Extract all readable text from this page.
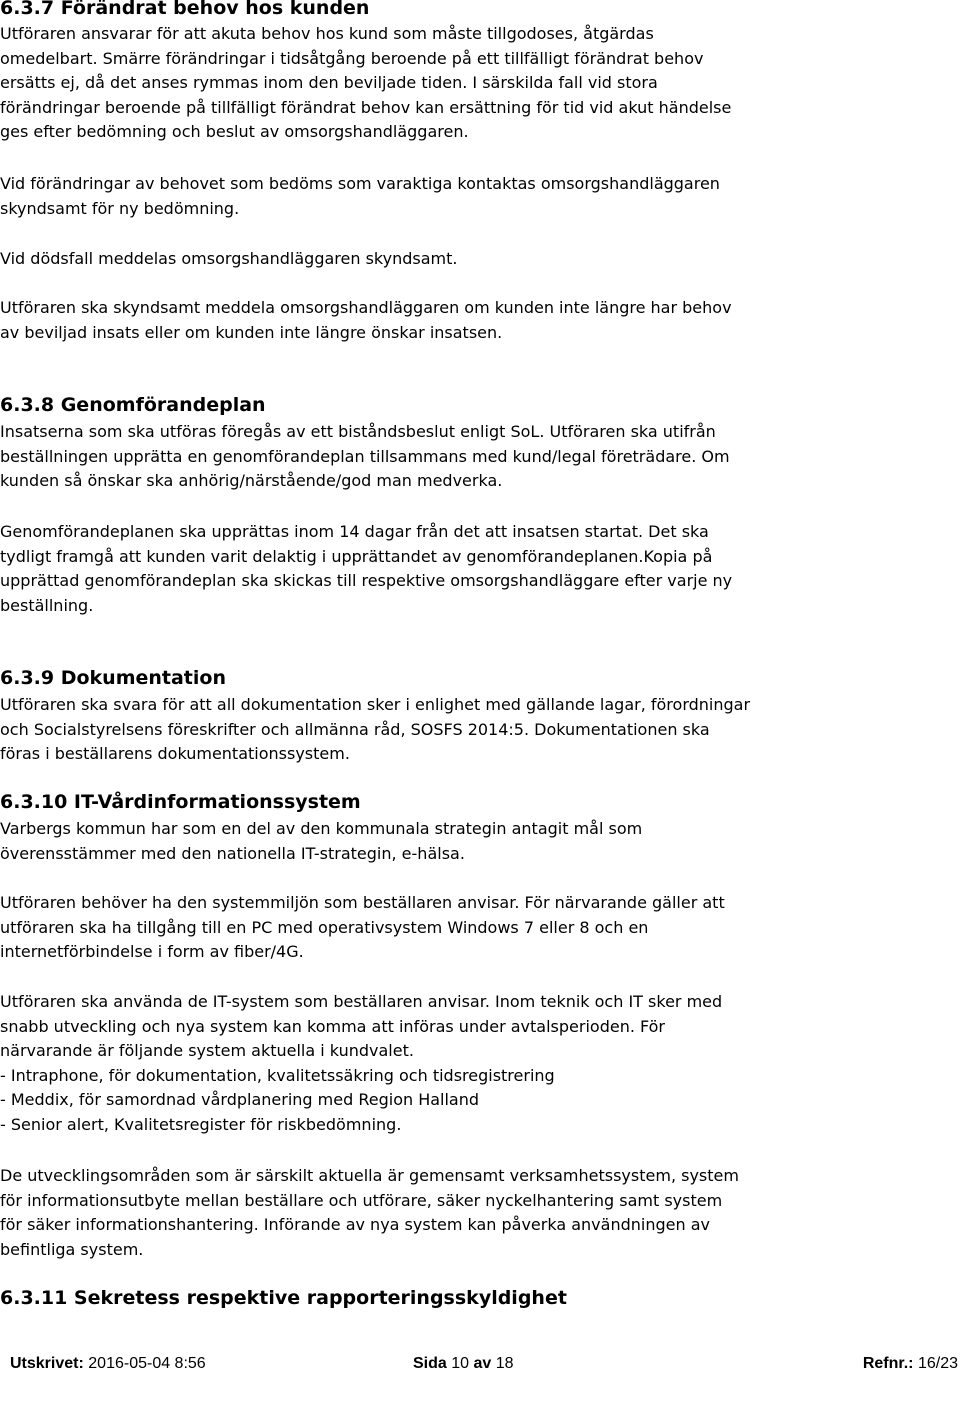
6.3.7 Förändrat behov hos kunden
Utföraren ansvarar för att akuta behov hos kund som måste tillgodoses, åtgärdas
omedelbart. Smärre förändringar i tidsåtgång beroende på ett tillfälligt förändrat behov
ersätts ej, då det anses rymmas inom den beviljade tiden. I särskilda fall vid stora
förändringar beroende på tillfälligt förändrat behov kan ersättning för tid vid akut händelse
ges efter bedömning och beslut av omsorgshandläggaren.
Vid förändringar av behovet som bedöms som varaktiga kontaktas omsorgshandläggaren
skyndsamt för ny bedömning.
Vid dödsfall meddelas omsorgshandläggaren skyndsamt.
Utföraren ska skyndsamt meddela omsorgshandläggaren om kunden inte längre har behov
av beviljad insats eller om kunden inte längre önskar insatsen.
6.3.8 Genomförandeplan
Insatserna som ska utföras föregås av ett biståndsbeslut enligt SoL. Utföraren ska utifrån
beställningen upprätta en genomförandeplan tillsammans med kund/legal företrädare. Om
kunden så önskar ska anhörig/närstående/god man medverka.
Genomförandeplanen ska upprättas inom 14 dagar från det att insatsen startat. Det ska
tydligt framgå att kunden varit delaktig i upprättandet av genomförandeplanen.Kopia på
upprättad genomförandeplan ska skickas till respektive omsorgshandläggare efter varje ny
beställning.
6.3.9 Dokumentation
Utföraren ska svara för att all dokumentation sker i enlighet med gällande lagar, förordningar
och Socialstyrelsens föreskrifter och allmänna råd, SOSFS 2014:5. Dokumentationen ska
föras i beställarens dokumentationssystem.
6.3.10 IT-Vårdinformationssystem
Varbergs kommun har som en del av den kommunala strategin antagit mål som
överensstämmer med den nationella IT-strategin, e-hälsa.
Utföraren behöver ha den systemmiljön som beställaren anvisar. För närvarande gäller att
utföraren ska ha tillgång till en PC med operativsystem Windows 7 eller 8 och en
internetförbindelse i form av fiber/4G.
Utföraren ska använda de IT-system som beställaren anvisar. Inom teknik och IT sker med
snabb utveckling och nya system kan komma att införas under avtalsperioden. För
närvarande är följande system aktuella i kundvalet.
- Intraphone, för dokumentation, kvalitetssäkring och tidsregistrering
- Meddix, för samordnad vårdplanering med Region Halland
- Senior alert, Kvalitetsregister för riskbedömning.
De utvecklingsområden som är särskilt aktuella är gemensamt verksamhetssystem, system
för informationsutbyte mellan beställare och utförare, säker nyckelhantering samt system
för säker informationshantering. Införande av nya system kan påverka användningen av
befintliga system.
6.3.11 Sekretess respektive rapporteringsskyldighet
Utskrivet: 2016-05-04 8:56	Sida 10 av 18	Refnr.: 16/23
